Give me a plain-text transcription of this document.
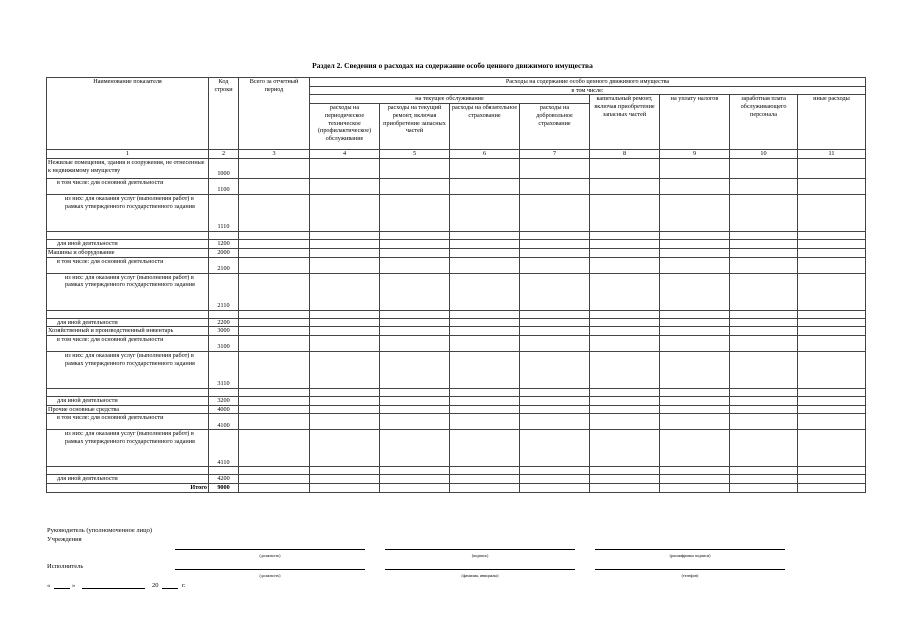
Раздел 2. Сведения о расходах на содержание особо ценного движимого имущества
Наименование показателя	Код строки	Всего за отчетный период	Расходы на содержание особо ценного движимого имущества							
			в том числе:							
			на текущее обслуживание				капитальный ремонт, включая приобретение запасных частей	на уплату налогов	заработная плата обслуживающего персонала	иные расходы
			расходы на периодическое техническое (профилактическое) обслуживание	расходы на текущий ремонт, включая приобретение запасных частей	расходы на обязательное страхование	расходы на добровольное страхование				
1	2	3	4	5	6	7	8	9	10	11
Нежилые помещения, здания и сооружения, не отнесенные к недвижимому имуществу	1000									
в том числе: для основной деятельности	1100									
из них: для оказания услуг (выполнения работ) в рамках утвержденного государственного задания	1110									

для иной деятельности	1200									
Машины и оборудование	2000									
в том числе: для основной деятельности	2100									
из них: для оказания услуг (выполнения работ) в рамках утвержденного государственного задания	2110									

для иной деятельности	2200									
Хозяйственный и производственный инвентарь	3000									
в том числе: для основной деятельности	3100									
из них: для оказания услуг (выполнения работ) в рамках утвержденного государственного задания	3110									

для иной деятельности	3200									
Прочие основные средства	4000									
в том числе: для основной деятельности	4100									
из них: для оказания услуг (выполнения работ) в рамках утвержденного государственного задания	4110									

для иной деятельности	4200									
Итого	9000									
Руководитель (уполномоченное лицо) Учреждения
(должность)	(подпись)	(расшифровка подписи)
Исполнитель
(должность)	(фамилия, инициалы)	(телефон)
«	»	20	г.
